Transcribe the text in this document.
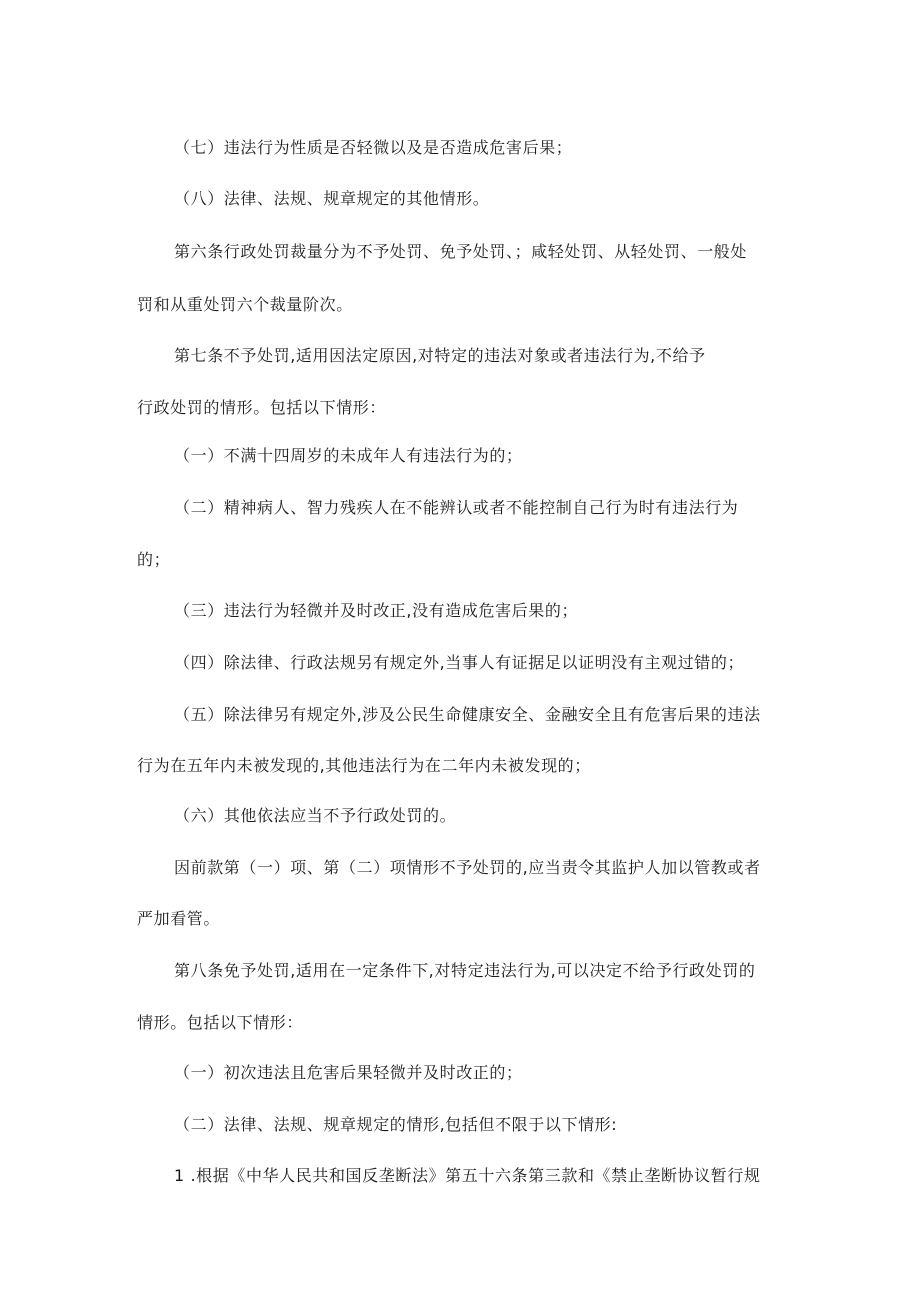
（七）违法行为性质是否轻微以及是否造成危害后果；
（八）法律、法规、规章规定的其他情形。
第六条行政处罚裁量分为不予处罚、免予处罚、；咸轻处罚、从轻处罚、一般处
罚和从重处罚六个裁量阶次。
第七条不予处罚,适用因法定原因,对特定的违法对象或者违法行为,不给予
行政处罚的情形。包括以下情形：
（一）不满十四周岁的未成年人有违法行为的；
（二）精神病人、智力残疾人在不能辨认或者不能控制自己行为时有违法行为
的；
（三）违法行为轻微并及时改正,没有造成危害后果的；
（四）除法律、行政法规另有规定外,当事人有证据足以证明没有主观过错的；
（五）除法律另有规定外,涉及公民生命健康安全、金融安全且有危害后果的违法
行为在五年内未被发现的,其他违法行为在二年内未被发现的；
（六）其他依法应当不予行政处罚的。
因前款第（一）项、第（二）项情形不予处罚的,应当责令其监护人加以管教或者
严加看管。
第八条免予处罚,适用在一定条件下,对特定违法行为,可以决定不给予行政处罚的
情形。包括以下情形：
（一）初次违法且危害后果轻微并及时改正的；
（二）法律、法规、规章规定的情形,包括但不限于以下情形:
1 .根据《中华人民共和国反垄断法》第五十六条第三款和《禁止垄断协议暂行规
